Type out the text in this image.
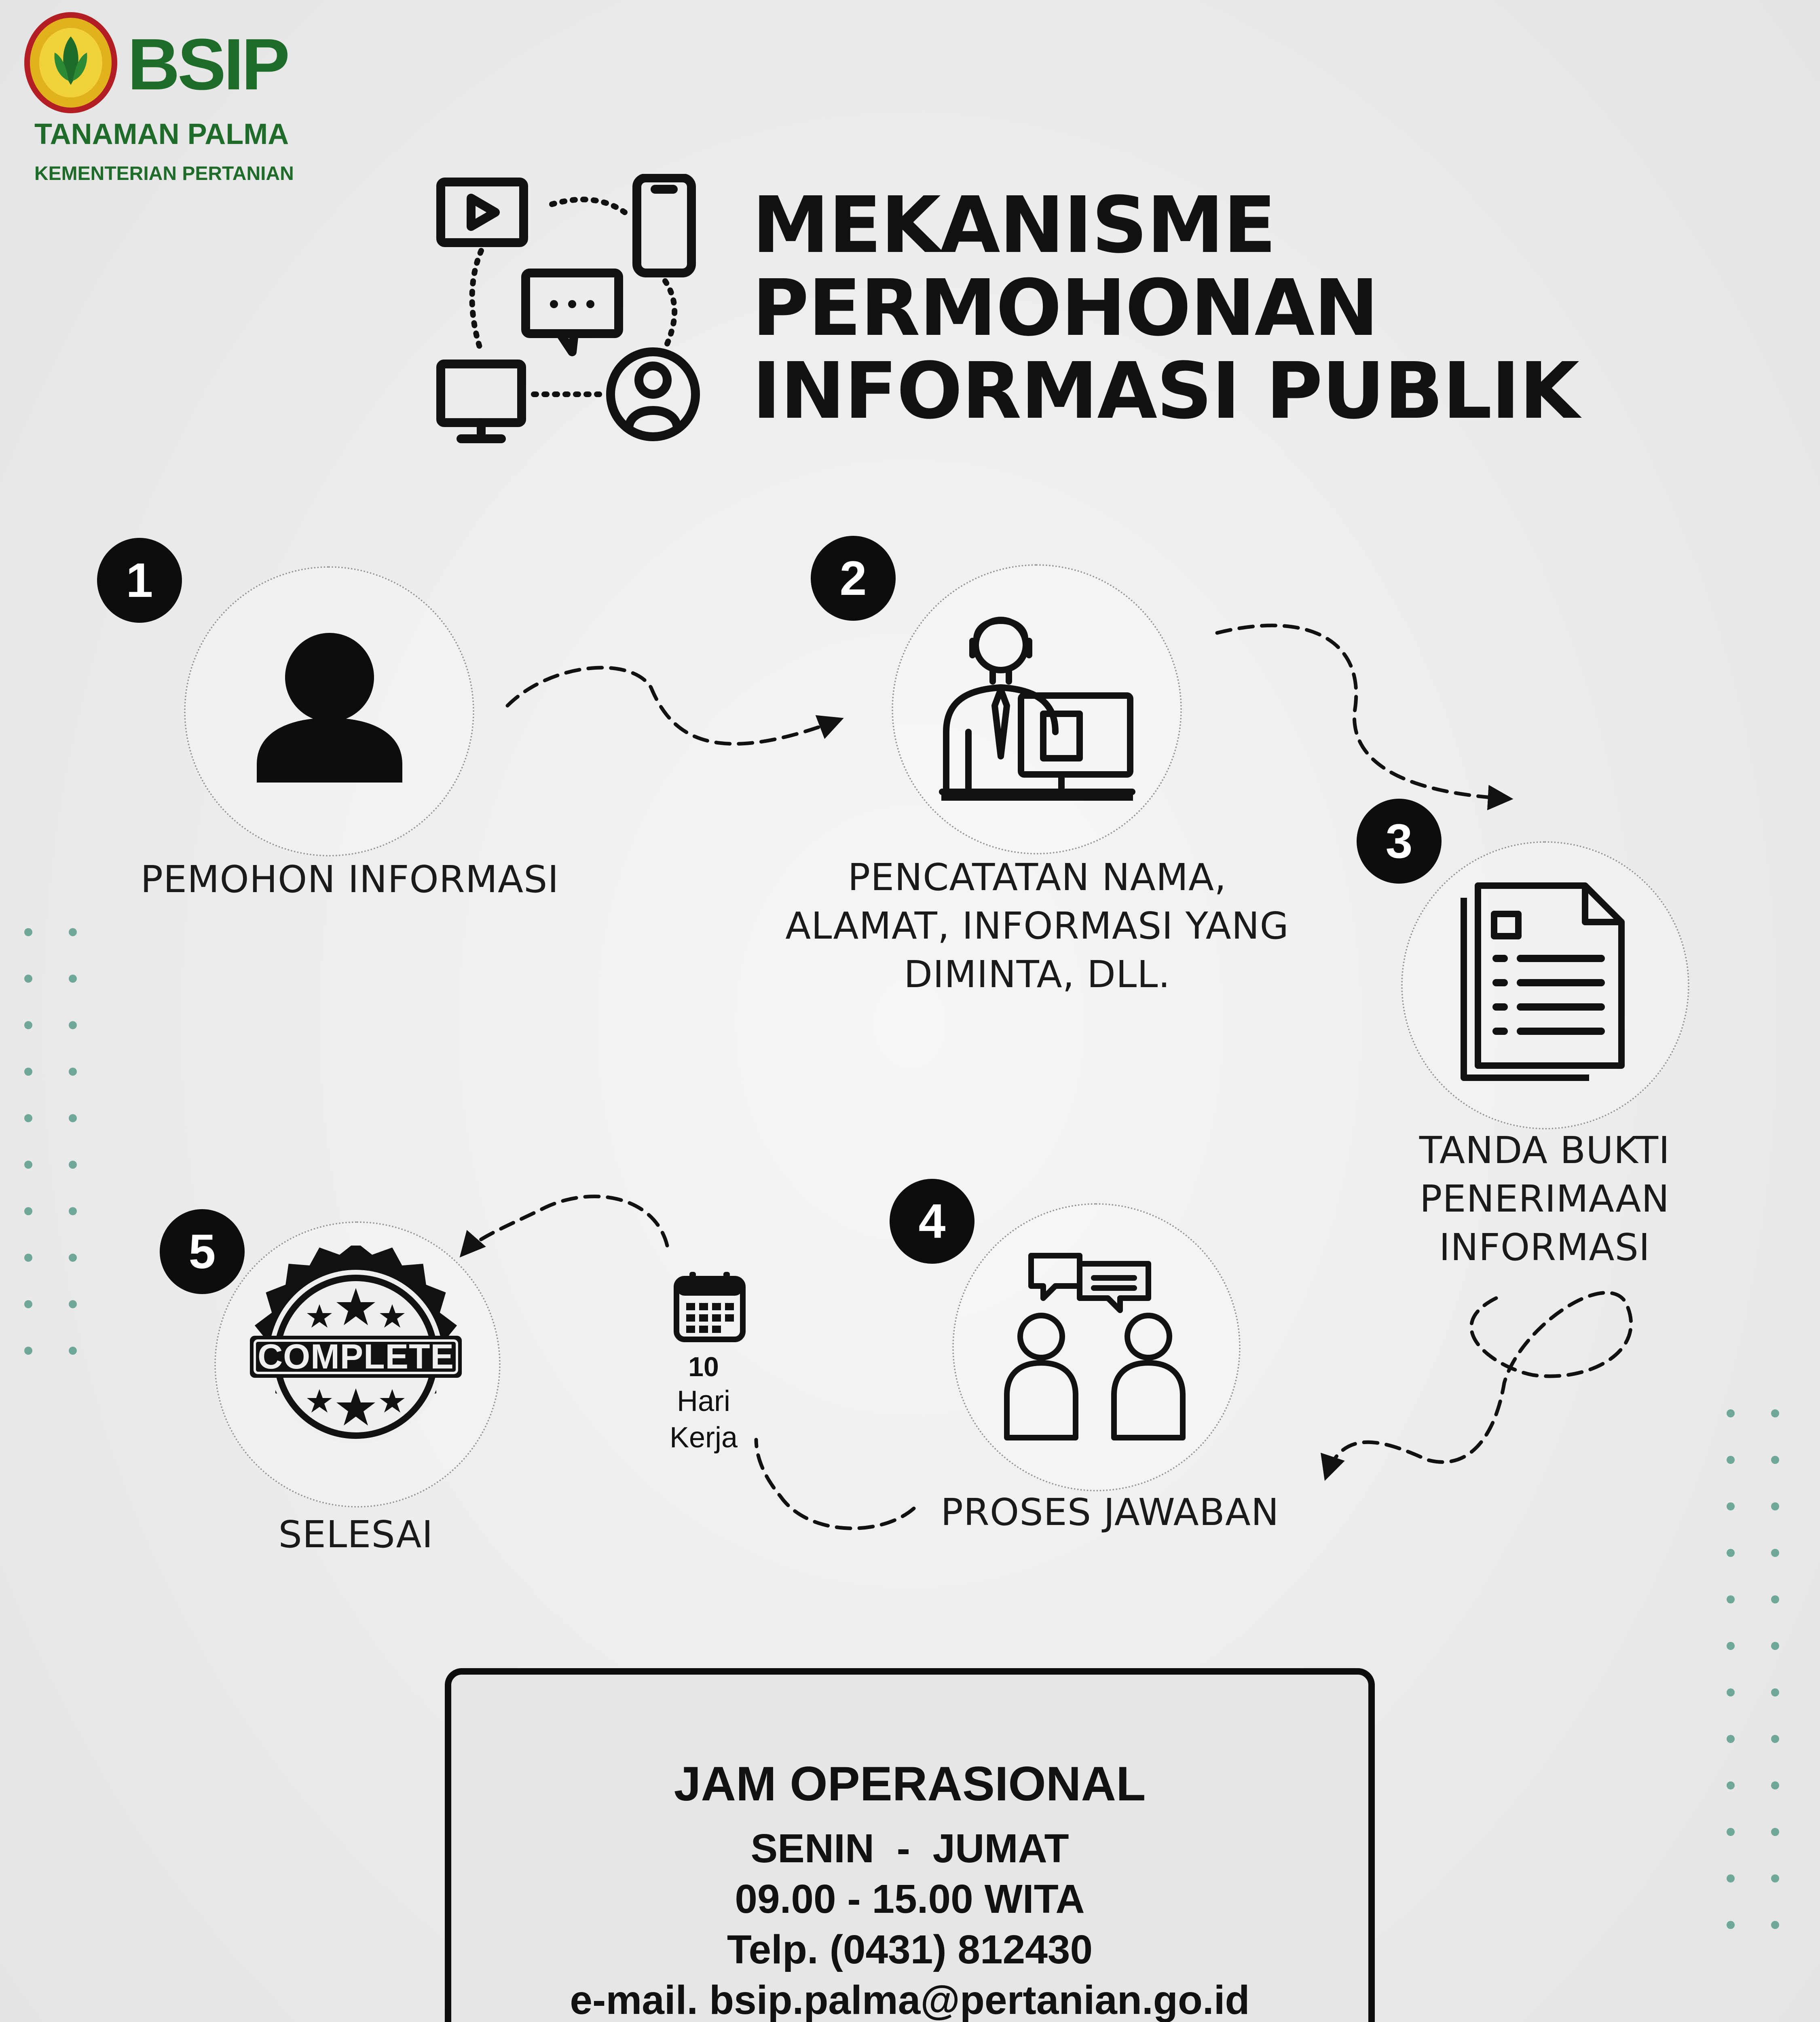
BSIP
TANAMAN PALMA
KEMENTERIAN PERTANIAN
MEKANISME
PERMOHONAN
INFORMASI PUBLIK
1
PEMOHON INFORMASI
2
PENCATATAN NAMA,
ALAMAT, INFORMASI YANG
DIMINTA, DLL.
3
TANDA BUKTI
PENERIMAAN
INFORMASI
4
PROSES JAWABAN
5
COMPLETE
SELESAI
10
Hari
Kerja
JAM OPERASIONAL
SENIN  -  JUMAT
09.00 - 15.00 WITA
Telp. (0431) 812430
e-mail. bsip.palma@pertanian.go.id
